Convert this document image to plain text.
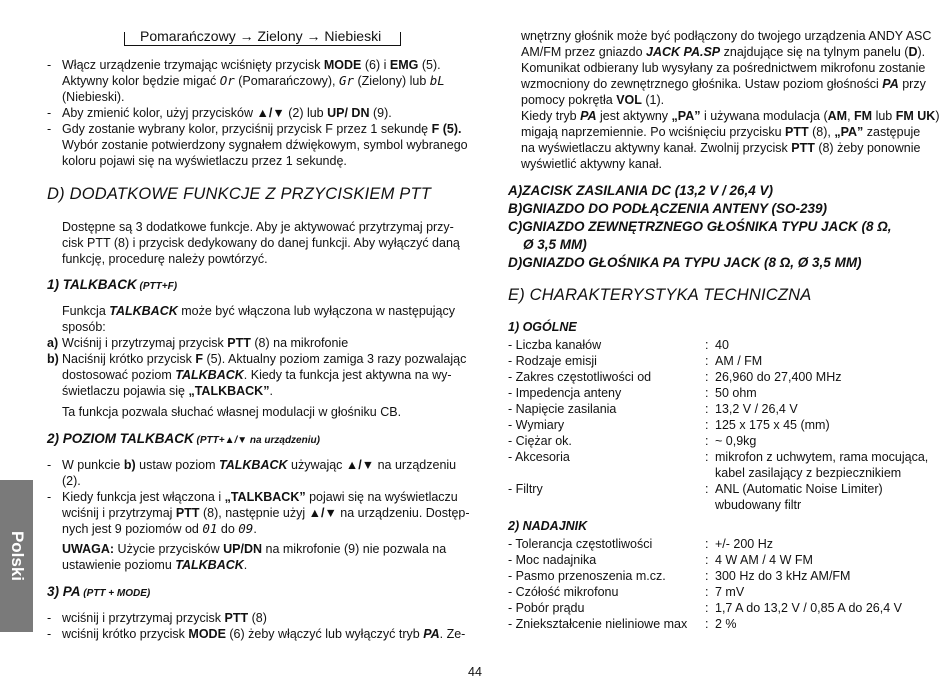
Pomarańczowy → Zielony → Niebieski
- Włącz urządzenie trzymając wciśnięty przycisk MODE (6) i EMG (5).
Aktywny kolor będzie migać Or (Pomarańczowy), Gr (Zielony) lub bL
(Niebieski).
- Aby zmienić kolor, użyj przycisków ▲/▼ (2) lub UP/ DN (9).
- Gdy zostanie wybrany kolor, przyciśnij przycisk F przez 1 sekundę F (5).
Wybór zostanie potwierdzony sygnałem dźwiękowym, symbol wybranego
koloru pojawi się na wyświetlaczu przez 1 sekundę.
D) DODATKOWE FUNKCJE Z PRZYCISKIEM PTT
Dostępne są 3 dodatkowe funkcje. Aby je aktywować przytrzymaj przy-
cisk PTT (8) i przycisk dedykowany do danej funkcji. Aby wyłączyć daną
funkcję, procedurę należy powtórzyć.
1) TALKBACK (PTT+F)
Funkcja TALKBACK może być włączona lub wyłączona w następujący
sposób:
a) Wciśnij i przytrzymaj przycisk PTT (8) na mikrofonie
b) Naciśnij krótko przycisk F (5). Aktualny poziom zamiga 3 razy pozwalając
dostosować poziom TALKBACK. Kiedy ta funkcja jest aktywna na wy-
świetlaczu pojawia się „TALKBACK”.
Ta funkcja pozwala słuchać własnej modulacji w głośniku CB.
2) POZIOM TALKBACK (PTT+▲/▼ na urządzeniu)
- W punkcie b) ustaw poziom TALKBACK używając ▲/▼ na urządzeniu
(2).
- Kiedy funkcja jest włączona i „TALKBACK” pojawi się na wyświetlaczu
wciśnij i przytrzymaj PTT (8), następnie użyj ▲/▼ na urządzeniu. Dostęp-
nych jest 9 poziomów od 01 do 09.
UWAGA: Użycie przycisków UP/DN na mikrofonie (9) nie pozwala na
ustawienie poziomu TALKBACK.
3) PA (PTT + MODE)
- wciśnij i przytrzymaj przycisk PTT (8)
- wciśnij krótko przycisk MODE (6) żeby włączyć lub wyłączyć tryb PA. Ze-
wnętrzny głośnik może być podłączony do twojego urządzenia ANDY ASC
AM/FM przez gniazdo JACK PA.SP znajdujące się na tylnym panelu (D).
Komunikat odbierany lub wysyłany za pośrednictwem mikrofonu zostanie
wzmocniony do zewnętrznego głośnika. Ustaw poziom głośności PA przy
pomocy pokrętła VOL (1).
Kiedy tryb PA jest aktywny „PA” i używana modulacja (AM, FM lub FM UK)
migają naprzemiennie. Po wciśnięciu przycisku PTT (8), „PA” zastępuje
na wyświetlaczu aktywny kanał. Zwolnij przycisk PTT (8) żeby ponownie
wyświetlić aktywny kanał.
A)ZACISK ZASILANIA DC (13,2 V / 26,4 V)
B)GNIAZDO DO PODŁĄCZENIA ANTENY (SO-239)
C)GNIAZDO ZEWNĘTRZNEGO GŁOŚNIKA TYPU JACK (8 Ω,
Ø 3,5 MM)
D)GNIAZDO GŁOŚNIKA PA TYPU JACK (8 Ω, Ø 3,5 MM)
E) CHARAKTERYSTYKA TECHNICZNA
1) OGÓLNE
- Liczba kanałów	: 40
- Rodzaje emisji	: AM / FM
- Zakres częstotliwości od	: 26,960 do 27,400 MHz
- Impedencja anteny	: 50 ohm
- Napięcie zasilania	: 13,2 V / 26,4 V
- Wymiary	: 125 x 175 x 45 (mm)
- Ciężar ok.	: ~ 0,9kg
- Akcesoria	: mikrofon z uchwytem, rama mocująca,
kabel zasilający z bezpiecznikiem
- Filtry	: ANL (Automatic Noise Limiter)
wbudowany filtr
2) NADAJNIK
- Tolerancja częstotliwości	: +/- 200 Hz
- Moc nadajnika	: 4 W AM / 4 W FM
- Pasmo przenoszenia m.cz.	: 300 Hz do 3 kHz AM/FM
- Czółość mikrofonu	: 7 mV
- Pobór prądu	: 1,7 A do 13,2 V / 0,85 A do 26,4 V
- Zniekształcenie nieliniowe max : 2 %
Polski
44
